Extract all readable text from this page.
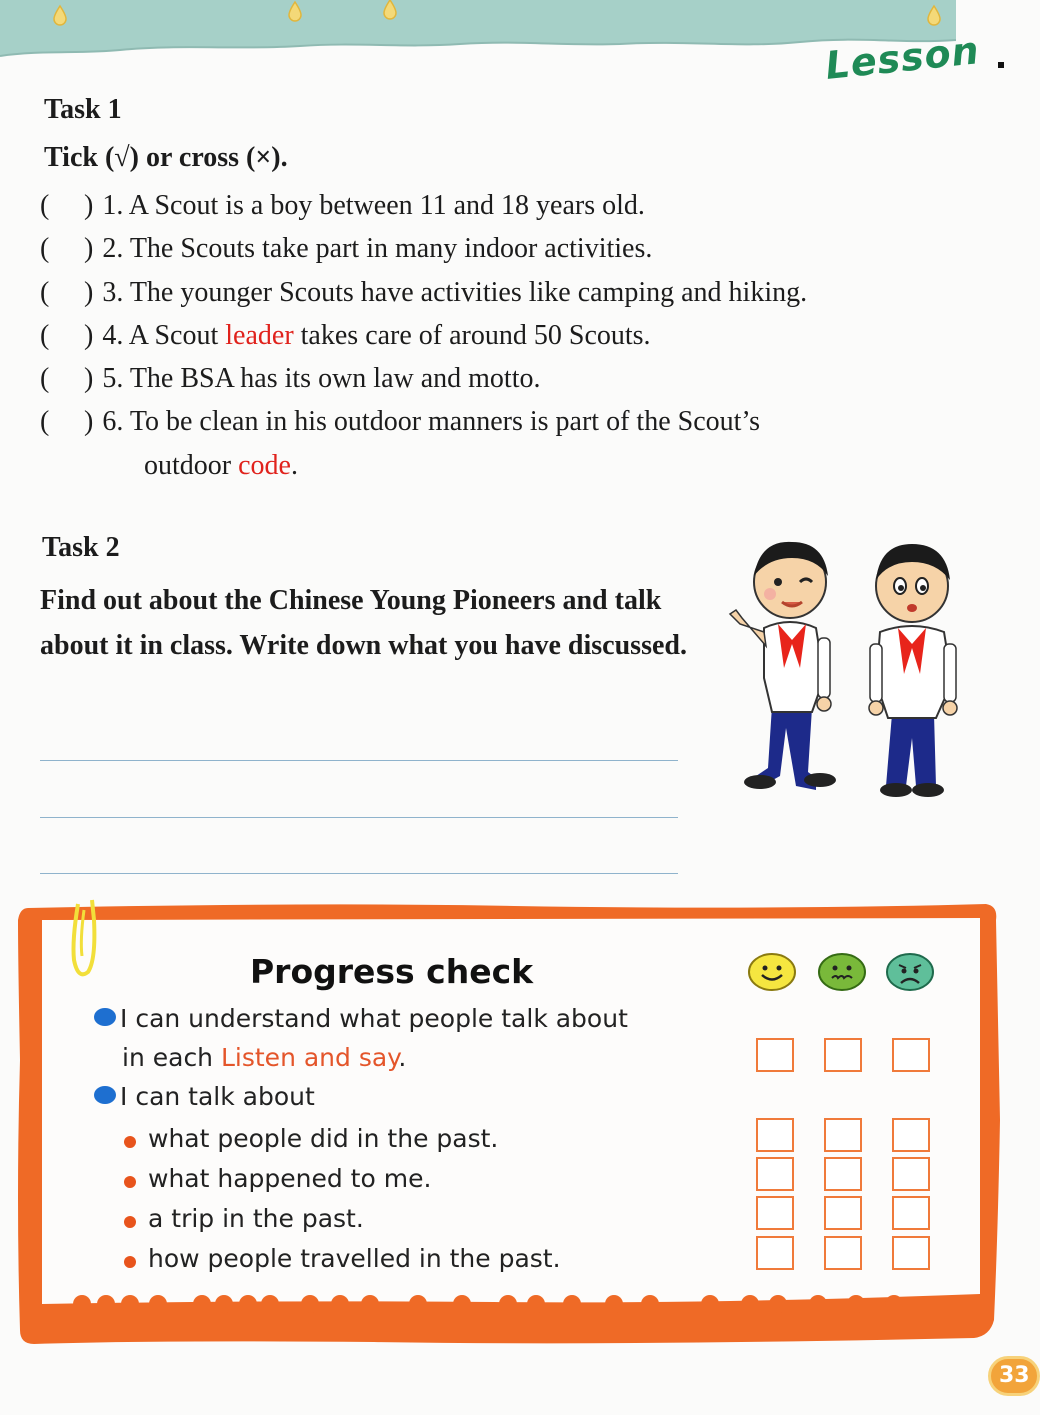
Lesson
Task 1
Tick (√) or cross (×).
( ) 1. A Scout is a boy between 11 and 18 years old.
( ) 2. The Scouts take part in many indoor activities.
( ) 3. The younger Scouts have activities like camping and hiking.
( ) 4. A Scout leader takes care of around 50 Scouts.
( ) 5. The BSA has its own law and motto.
( ) 6. To be clean in his outdoor manners is part of the Scout’s
outdoor code.
Task 2
Find out about the Chinese Young Pioneers and talk about it in class. Write down what you have discussed.
Progress check
I can understand what people talk about
in each Listen and say.
I can talk about
what people did in the past.
what happened to me.
a trip in the past.
how people travelled in the past.
33
